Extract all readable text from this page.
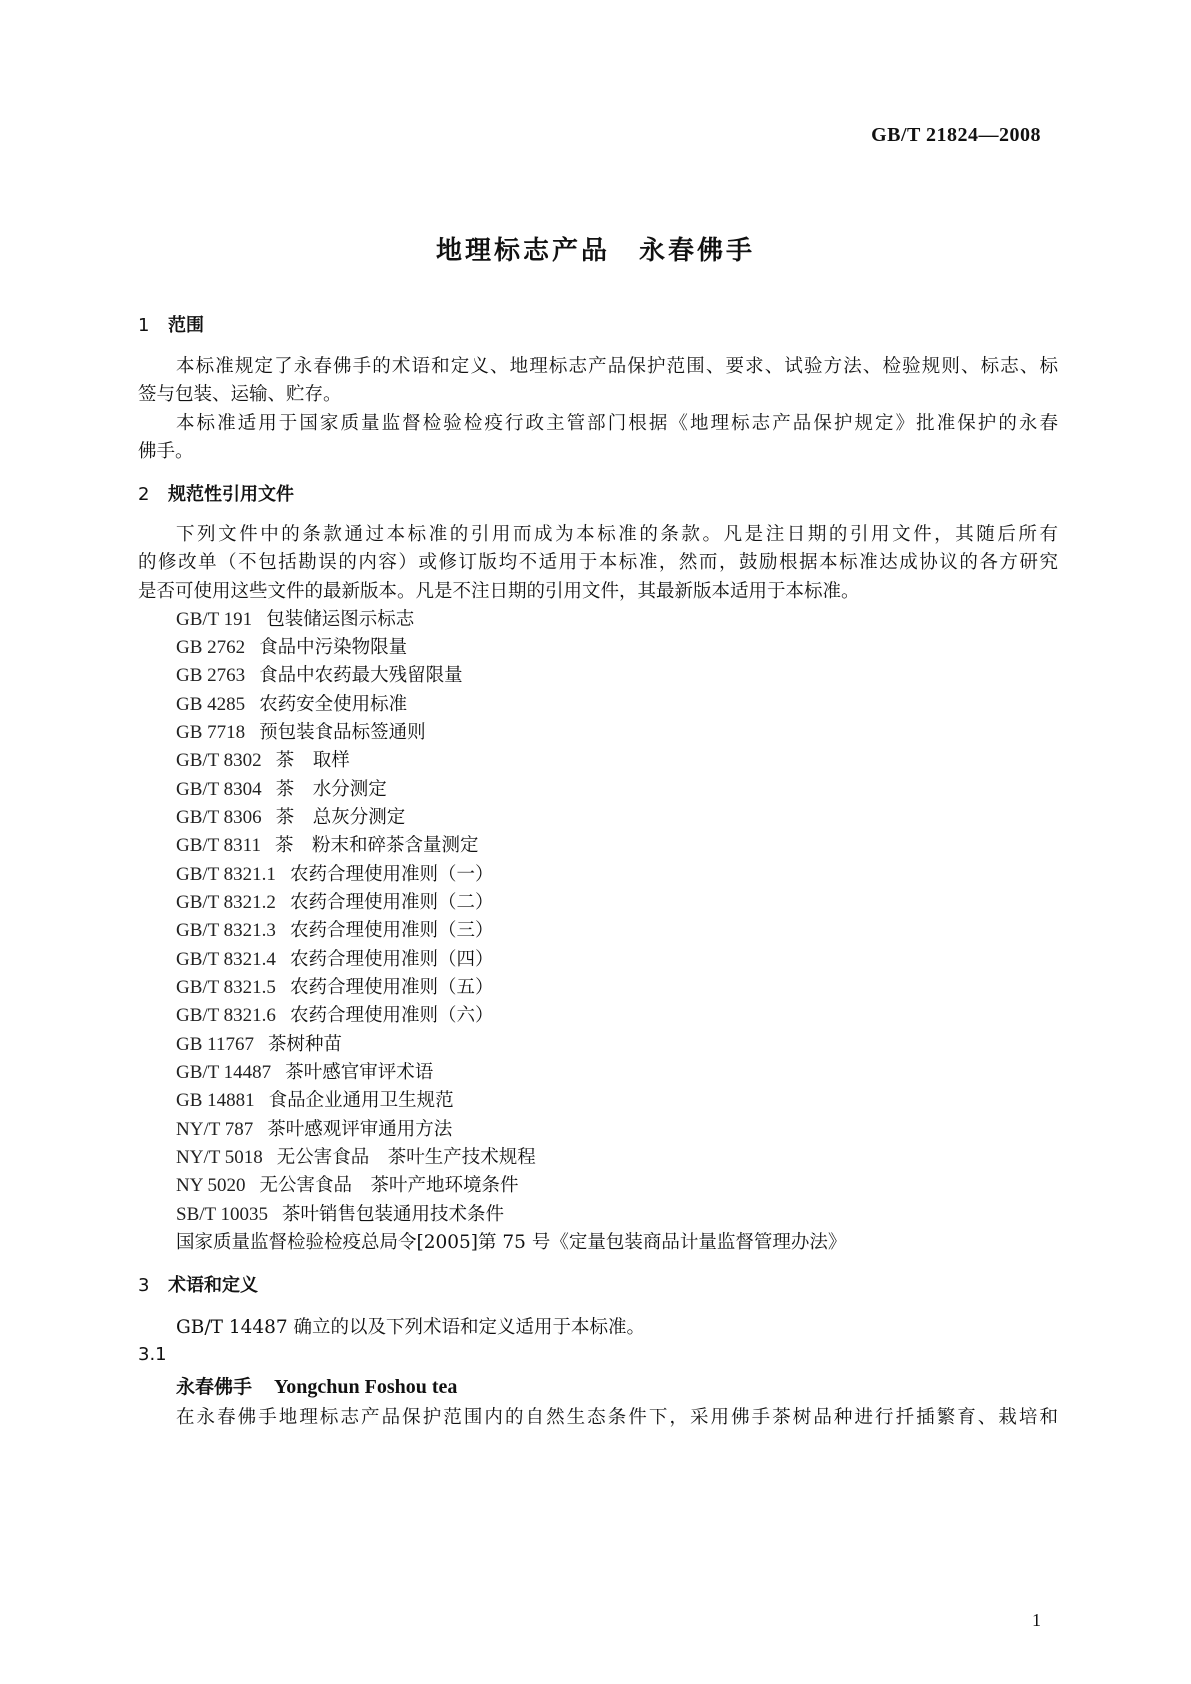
GB/T 21824—2008
地理标志产品　永春佛手
1 范围
本标准规定了永春佛手的术语和定义、地理标志产品保护范围、要求、试验方法、检验规则、标志、标
签与包装、运输、贮存。
本标准适用于国家质量监督检验检疫行政主管部门根据《地理标志产品保护规定》批准保护的永春
佛手。
2 规范性引用文件
下列文件中的条款通过本标准的引用而成为本标准的条款。凡是注日期的引用文件，其随后所有
的修改单（不包括勘误的内容）或修订版均不适用于本标准，然而，鼓励根据本标准达成协议的各方研究
是否可使用这些文件的最新版本。凡是不注日期的引用文件，其最新版本适用于本标准。
GB/T 191 包装储运图示标志
GB 2762 食品中污染物限量
GB 2763 食品中农药最大残留限量
GB 4285 农药安全使用标准
GB 7718 预包装食品标签通则
GB/T 8302 茶　取样
GB/T 8304 茶　水分测定
GB/T 8306 茶　总灰分测定
GB/T 8311 茶　粉末和碎茶含量测定
GB/T 8321.1 农药合理使用准则（一）
GB/T 8321.2 农药合理使用准则（二）
GB/T 8321.3 农药合理使用准则（三）
GB/T 8321.4 农药合理使用准则（四）
GB/T 8321.5 农药合理使用准则（五）
GB/T 8321.6 农药合理使用准则（六）
GB 11767 茶树种苗
GB/T 14487 茶叶感官审评术语
GB 14881 食品企业通用卫生规范
NY/T 787 茶叶感观评审通用方法
NY/T 5018 无公害食品　茶叶生产技术规程
NY 5020 无公害食品　茶叶产地环境条件
SB/T 10035 茶叶销售包装通用技术条件
国家质量监督检验检疫总局令[2005]第 75 号《定量包装商品计量监督管理办法》
3 术语和定义
GB/T 14487 确立的以及下列术语和定义适用于本标准。
3.1
永春佛手 Yongchun Foshou tea
在永春佛手地理标志产品保护范围内的自然生态条件下，采用佛手茶树品种进行扦插繁育、栽培和
1
